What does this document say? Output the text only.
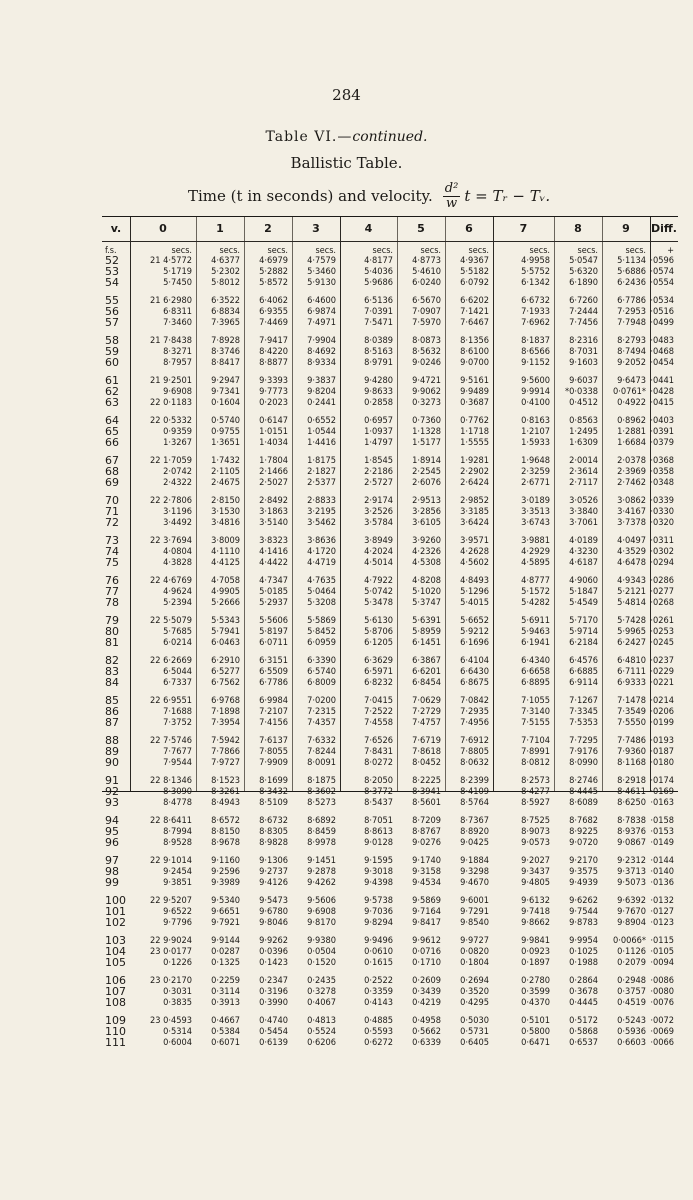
284
Table VI.—continued.
Ballistic Table.
Time (t in seconds) and velocity. $\frac{\text{d²}}{w}$ t = Tᵣ − Tᵥ.
v.	0	1	2	3	4	5	6	7	8	9	Diff.
f.s.	secs.	secs.	secs.	secs.	secs.	secs.	secs.	secs.	secs.	secs.	+
52	21 4·5772	4·6377	4·6979	4·7579	4·8177	4·8773	4·9367	4·9958	5·0547	5·1134 ·0596
53	5·1719	5·2302	5·2882	5·3460	5·4036	5·4610	5·5182	5·5752	5·6320	5·6886 ·0574
54	5·7450	5·8012	5·8572	5·9130	5·9686	6·0240	6·0792	6·1342	6·1890	6·2436 ·0554
55	21 6·2980	6·3522	6·4062	6·4600	6·5136	6·5670	6·6202	6·6732	6·7260	6·7786 ·0534
56	6·8311	6·8834	6·9355	6·9874	7·0391	7·0907	7·1421	7·1933	7·2444	7·2953 ·0516
57	7·3460	7·3965	7·4469	7·4971	7·5471	7·5970	7·6467	7·6962	7·7456	7·7948 ·0499
58	21 7·8438	7·8928	7·9417	7·9904	8·0389	8·0873	8·1356	8·1837	8·2316	8·2793 ·0483
59	8·3271	8·3746	8·4220	8·4692	8·5163	8·5632	8·6100	8·6566	8·7031	8·7494 ·0468
60	8·7957	8·8417	8·8877	8·9334	8·9791	9·0246	9·0700	9·1152	9·1603	9·2052 ·0454
61	21 9·2501	9·2947	9·3393	9·3837	9·4280	9·4721	9·5161	9·5600	9·6037	9·6473 ·0441
62	9·6908	9·7341	9·7773	9·8204	9·8633	9·9062	9·9489	9·9914	*0·0338	0·0761* ·0428
63	22 0·1183	0·1604	0·2023	0·2441	0·2858	0·3273	0·3687	0·4100	0·4512	0·4922 ·0415
64	22 0·5332	0·5740	0·6147	0·6552	0·6957	0·7360	0·7762	0·8163	0·8563	0·8962 ·0403
65	0·9359	0·9755	1·0151	1·0544	1·0937	1·1328	1·1718	1·2107	1·2495	1·2881 ·0391
66	1·3267	1·3651	1·4034	1·4416	1·4797	1·5177	1·5555	1·5933	1·6309	1·6684 ·0379
67	22 1·7059	1·7432	1·7804	1·8175	1·8545	1·8914	1·9281	1·9648	2·0014	2·0378 ·0368
68	2·0742	2·1105	2·1466	2·1827	2·2186	2·2545	2·2902	2·3259	2·3614	2·3969 ·0358
69	2·4322	2·4675	2·5027	2·5377	2·5727	2·6076	2·6424	2·6771	2·7117	2·7462 ·0348
70	22 2·7806	2·8150	2·8492	2·8833	2·9174	2·9513	2·9852	3·0189	3·0526	3·0862 ·0339
71	3·1196	3·1530	3·1863	3·2195	3·2526	3·2856	3·3185	3·3513	3·3840	3·4167 ·0330
72	3·4492	3·4816	3·5140	3·5462	3·5784	3·6105	3·6424	3·6743	3·7061	3·7378 ·0320
73	22 3·7694	3·8009	3·8323	3·8636	3·8949	3·9260	3·9571	3·9881	4·0189	4·0497 ·0311
74	4·0804	4·1110	4·1416	4·1720	4·2024	4·2326	4·2628	4·2929	4·3230	4·3529 ·0302
75	4·3828	4·4125	4·4422	4·4719	4·5014	4·5308	4·5602	4·5895	4·6187	4·6478 ·0294
76	22 4·6769	4·7058	4·7347	4·7635	4·7922	4·8208	4·8493	4·8777	4·9060	4·9343 ·0286
77	4·9624	4·9905	5·0185	5·0464	5·0742	5·1020	5·1296	5·1572	5·1847	5·2121 ·0277
78	5·2394	5·2666	5·2937	5·3208	5·3478	5·3747	5·4015	5·4282	5·4549	5·4814 ·0268
79	22 5·5079	5·5343	5·5606	5·5869	5·6130	5·6391	5·6652	5·6911	5·7170	5·7428 ·0261
80	5·7685	5·7941	5·8197	5·8452	5·8706	5·8959	5·9212	5·9463	5·9714	5·9965 ·0253
81	6·0214	6·0463	6·0711	6·0959	6·1205	6·1451	6·1696	6·1941	6·2184	6·2427 ·0245
82	22 6·2669	6·2910	6·3151	6·3390	6·3629	6·3867	6·4104	6·4340	6·4576	6·4810 ·0237
83	6·5044	6·5277	6·5509	6·5740	6·5971	6·6201	6·6430	6·6658	6·6885	6·7111 ·0229
84	6·7337	6·7562	6·7786	6·8009	6·8232	6·8454	6·8675	6·8895	6·9114	6·9333 ·0221
85	22 6·9551	6·9768	6·9984	7·0200	7·0415	7·0629	7·0842	7·1055	7·1267	7·1478 ·0214
86	7·1688	7·1898	7·2107	7·2315	7·2522	7·2729	7·2935	7·3140	7·3345	7·3549 ·0206
87	7·3752	7·3954	7·4156	7·4357	7·4558	7·4757	7·4956	7·5155	7·5353	7·5550 ·0199
88	22 7·5746	7·5942	7·6137	7·6332	7·6526	7·6719	7·6912	7·7104	7·7295	7·7486 ·0193
89	7·7677	7·7866	7·8055	7·8244	7·8431	7·8618	7·8805	7·8991	7·9176	7·9360 ·0187
90	7·9544	7·9727	7·9909	8·0091	8·0272	8·0452	8·0632	8·0812	8·0990	8·1168 ·0180
91	22 8·1346	8·1523	8·1699	8·1875	8·2050	8·2225	8·2399	8·2573	8·2746	8·2918 ·0174
92	8·3090	8·3261	8·3432	8·3602	8·3772	8·3941	8·4109	8·4277	8·4445	8·4611 ·0169
93	8·4778	8·4943	8·5109	8·5273	8·5437	8·5601	8·5764	8·5927	8·6089	8·6250 ·0163
94	22 8·6411	8·6572	8·6732	8·6892	8·7051	8·7209	8·7367	8·7525	8·7682	8·7838 ·0158
95	8·7994	8·8150	8·8305	8·8459	8·8613	8·8767	8·8920	8·9073	8·9225	8·9376 ·0153
96	8·9528	8·9678	8·9828	8·9978	9·0128	9·0276	9·0425	9·0573	9·0720	9·0867 ·0149
97	22 9·1014	9·1160	9·1306	9·1451	9·1595	9·1740	9·1884	9·2027	9·2170	9·2312 ·0144
98	9·2454	9·2596	9·2737	9·2878	9·3018	9·3158	9·3298	9·3437	9·3575	9·3713 ·0140
99	9·3851	9·3989	9·4126	9·4262	9·4398	9·4534	9·4670	9·4805	9·4939	9·5073 ·0136
100	22 9·5207	9·5340	9·5473	9·5606	9·5738	9·5869	9·6001	9·6132	9·6262	9·6392 ·0132
101	9·6522	9·6651	9·6780	9·6908	9·7036	9·7164	9·7291	9·7418	9·7544	9·7670 ·0127
102	9·7796	9·7921	9·8046	9·8170	9·8294	9·8417	9·8540	9·8662	9·8783	9·8904 ·0123
103	22 9·9024	9·9144	9·9262	9·9380	9·9496	9·9612	9·9727	9·9841	9·9954	0·0066* ·0115
104	23 0·0177	0·0287	0·0396	0·0504	0·0610	0·0716	0·0820	0·0923	0·1025	0·1126 ·0105
105	0·1226	0·1325	0·1423	0·1520	0·1615	0·1710	0·1804	0·1897	0·1988	0·2079 ·0094
106	23 0·2170	0·2259	0·2347	0·2435	0·2522	0·2609	0·2694	0·2780	0·2864	0·2948 ·0086
107	0·3031	0·3114	0·3196	0·3278	0·3359	0·3439	0·3520	0·3599	0·3678	0·3757 ·0080
108	0·3835	0·3913	0·3990	0·4067	0·4143	0·4219	0·4295	0·4370	0·4445	0·4519 ·0076
109	23 0·4593	0·4667	0·4740	0·4813	0·4885	0·4958	0·5030	0·5101	0·5172	0·5243 ·0072
110	0·5314	0·5384	0·5454	0·5524	0·5593	0·5662	0·5731	0·5800	0·5868	0·5936 ·0069
111	0·6004	0·6071	0·6139	0·6206	0·6272	0·6339	0·6405	0·6471	0·6537	0·6603 ·0066
